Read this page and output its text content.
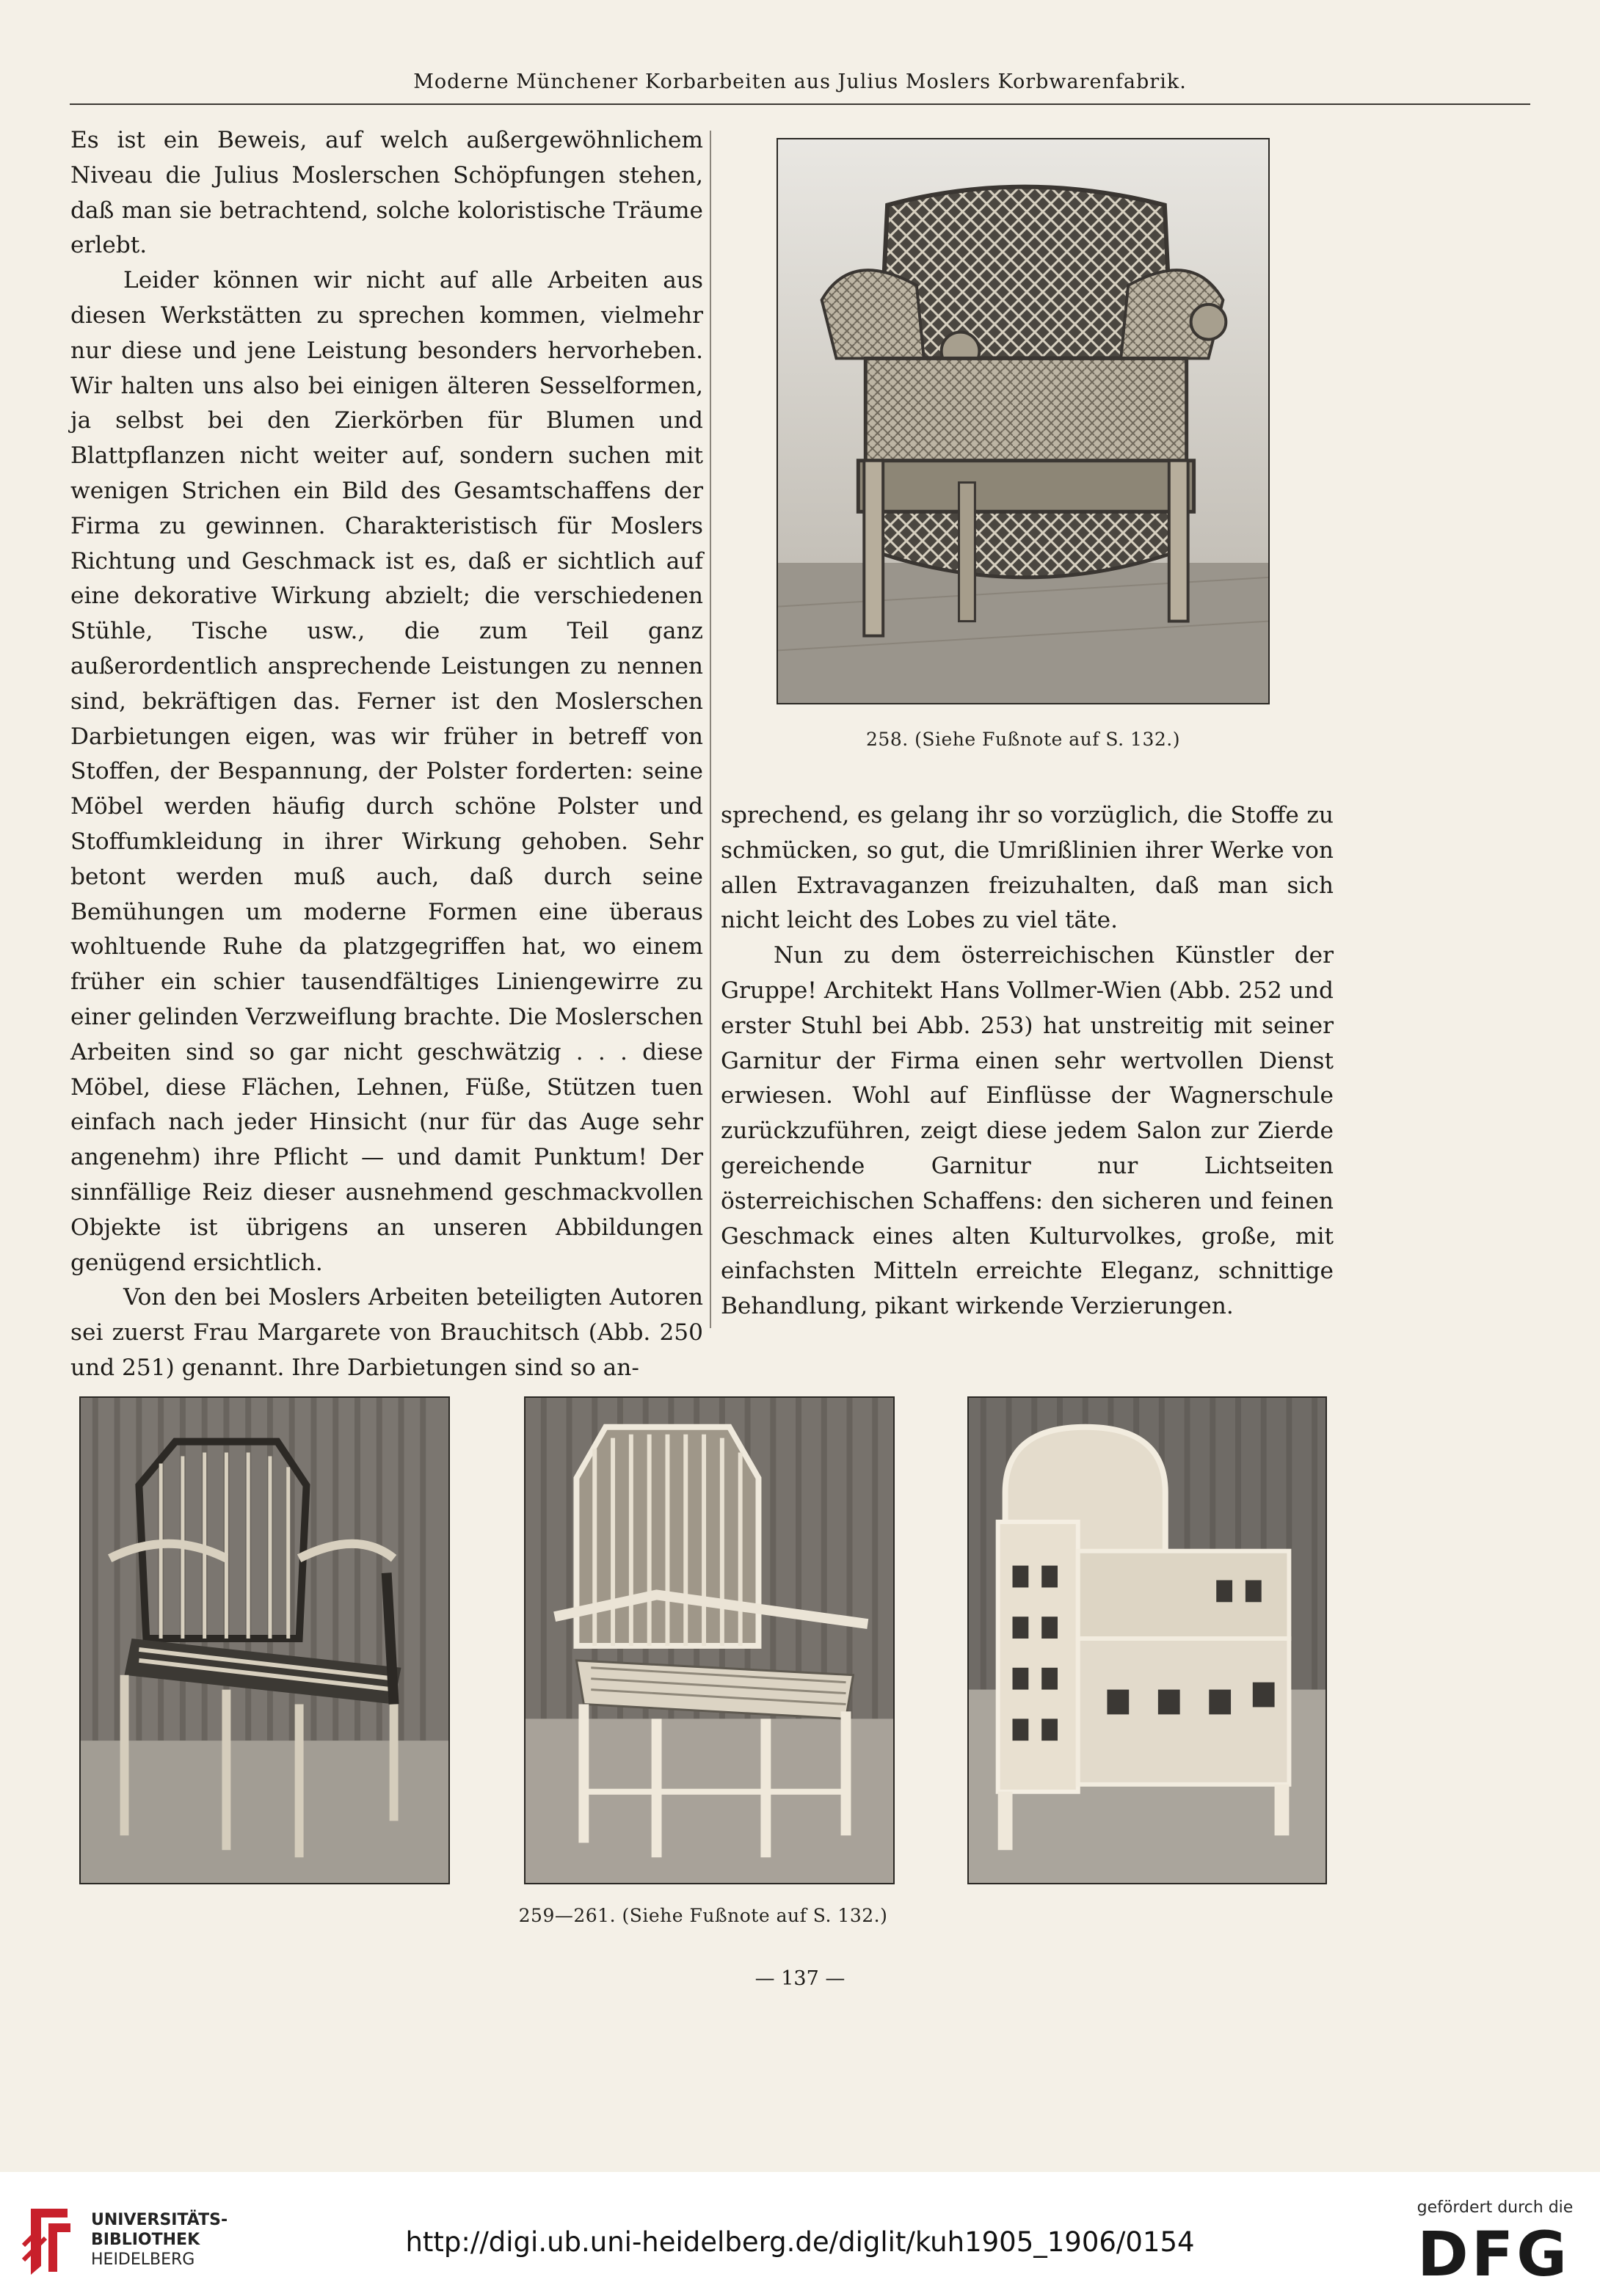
Moderne Münchener Korbarbeiten aus Julius Moslers Korbwarenfabrik.

Es ist ein Beweis, auf welch außergewöhnlichem Niveau die Julius Moslerschen Schöpfungen stehen, daß man sie betrachtend, solche koloristische Träume erlebt.

Leider können wir nicht auf alle Arbeiten aus diesen Werkstätten zu sprechen kommen, vielmehr nur diese und jene Leistung besonders hervorheben. Wir halten uns also bei einigen älteren Sesselformen, ja selbst bei den Zierkörben für Blumen und Blattpflanzen nicht weiter auf, sondern suchen mit wenigen Strichen ein Bild des Gesamtschaffens der Firma zu gewinnen. Charakteristisch für Moslers Richtung und Geschmack ist es, daß er sichtlich auf eine dekorative Wirkung abzielt; die verschiedenen Stühle, Tische usw., die zum Teil ganz außerordentlich ansprechende Leistungen zu nennen sind, bekräftigen das. Ferner ist den Moslerschen Darbietungen eigen, was wir früher in betreff von Stoffen, der Bespannung, der Polster forderten: seine Möbel werden häufig durch schöne Polster und Stoffumkleidung in ihrer Wirkung gehoben. Sehr betont werden muß auch, daß durch seine Bemühungen um moderne Formen eine überaus wohltuende Ruhe da platzgegriffen hat, wo einem früher ein schier tausendfältiges Liniengewirre zu einer gelinden Verzweiflung brachte. Die Moslerschen Arbeiten sind so gar nicht geschwätzig . . . diese Möbel, diese Flächen, Lehnen, Füße, Stützen tuen einfach nach jeder Hinsicht (nur für das Auge sehr angenehm) ihre Pflicht — und damit Punktum! Der sinnfällige Reiz dieser ausnehmend geschmackvollen Objekte ist übrigens an unseren Abbildungen genügend ersichtlich.

Von den bei Moslers Arbeiten beteiligten Autoren sei zuerst Frau Margarete von Brauchitsch (Abb. 250 und 251) genannt. Ihre Darbietungen sind so an-

258. (Siehe Fußnote auf S. 132.)

sprechend, es gelang ihr so vorzüglich, die Stoffe zu schmücken, so gut, die Umrißlinien ihrer Werke von allen Extravaganzen freizuhalten, daß man sich nicht leicht des Lobes zu viel täte.

Nun zu dem österreichischen Künstler der Gruppe! Architekt Hans Vollmer-Wien (Abb. 252 und erster Stuhl bei Abb. 253) hat unstreitig mit seiner Garnitur der Firma einen sehr wertvollen Dienst erwiesen. Wohl auf Einflüsse der Wagnerschule zurückzuführen, zeigt diese jedem Salon zur Zierde gereichende Garnitur nur Lichtseiten österreichischen Schaffens: den sicheren und feinen Geschmack eines alten Kulturvolkes, große, mit einfachsten Mitteln erreichte Eleganz, schnittige Behandlung, pikant wirkende Verzierungen.

259—261. (Siehe Fußnote auf S. 132.)
— 137 —
UNIVERSITÄTS-
BIBLIOTHEK
HEIDELBERG
http://digi.ub.uni-heidelberg.de/diglit/kuh1905_1906/0154
gefördert durch die
DFG
